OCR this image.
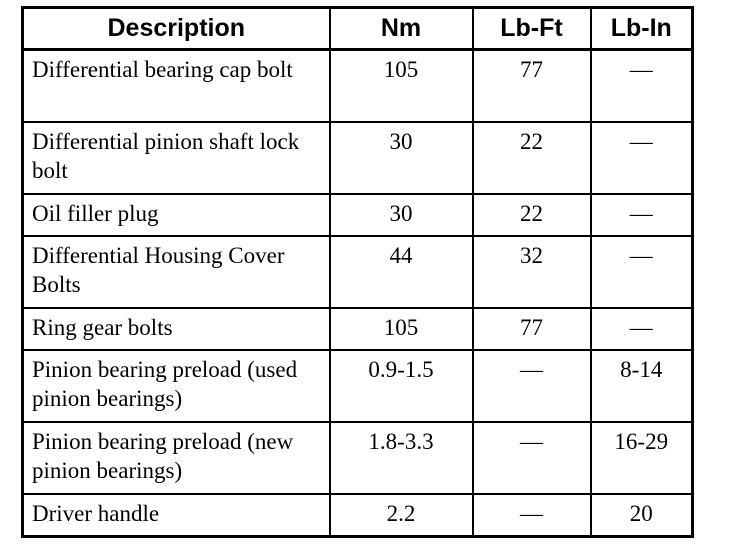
Description	Nm	Lb-Ft	Lb-In
Differential bearing cap bolt	105	77	—
Differential pinion shaft lock bolt	30	22	—
Oil filler plug	30	22	—
Differential Housing Cover Bolts	44	32	—
Ring gear bolts	105	77	—
Pinion bearing preload (used pinion bearings)	0.9-1.5	—	8-14
Pinion bearing preload (new pinion bearings)	1.8-3.3	—	16-29
Driver handle	2.2	—	20
